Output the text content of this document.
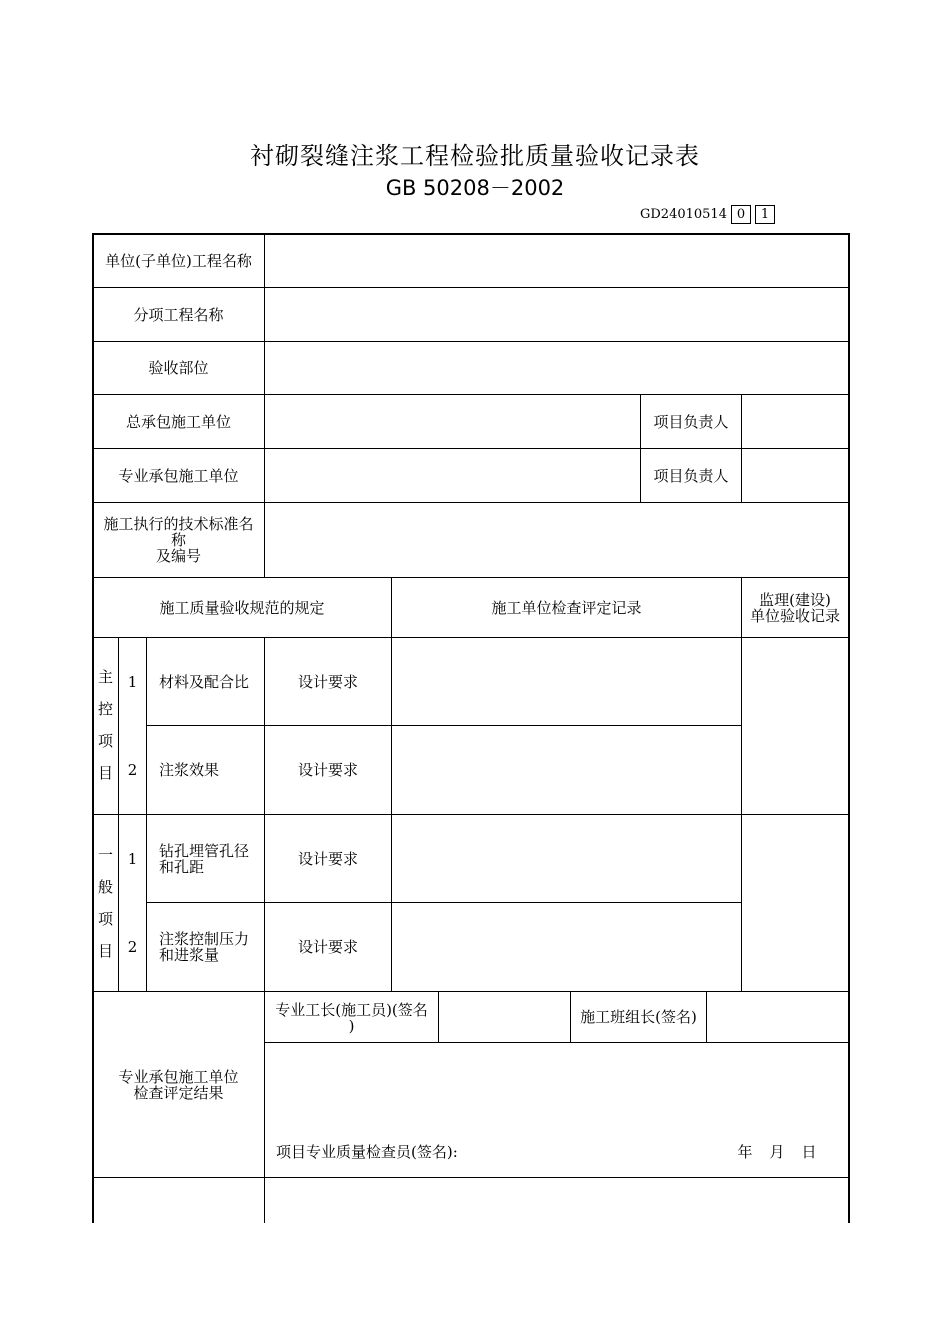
衬砌裂缝注浆工程检验批质量验收记录表
GB 50208－2002
GD24010514 0	1
单位(子单位)工程名称
分项工程名称
验收部位
总承包施工单位	项目负责人
专业承包施工单位	项目负责人
施工执行的技术标准名
称
及编号
施工质量验收规范的规定	施工单位检查评定记录	监理(建设)
单位验收记录
主
控
项
目
1	材料及配合比	设计要求
2	注浆效果	设计要求
一
般
项
目
1	钻孔埋管孔径
和孔距	设计要求
2	注浆控制压力
和进浆量	设计要求
专业承包施工单位
检查评定结果
专业工长(施工员)(签名
)	施工班组长(签名)
项目专业质量检查员(签名):	年	月	日
